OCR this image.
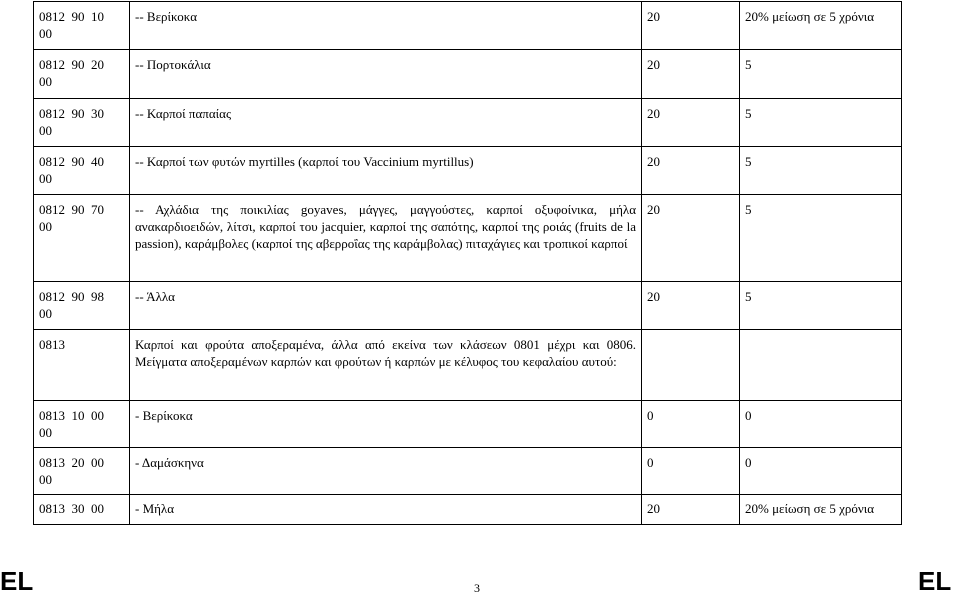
0812  90  10
00	-- Βερίκοκα	20	20% μείωση σε 5 χρόνια
0812  90  20
00	-- Πορτοκάλια	20	5
0812  90  30
00	-- Καρποί παπαίας	20	5
0812  90  40
00	-- Καρποί των φυτών myrtilles (καρποί του Vaccinium myrtillus)	20	5
0812  90  70
00	-- Αχλάδια της ποικιλίας goyaves, μάγγες, μαγγούστες, καρποί οξυφοίνικα, μήλα ανακαρδιοειδών, λίτσι, καρποί του jacquier, καρποί της σαπότης, καρποί της ροιάς (fruits de la passion), καράμβολες (καρποί της αβερροΐας της καράμβολας) πιταχάγιες και τροπικοί καρποί	20	5
0812  90  98
00	-- Άλλα	20	5
0813	Καρποί και φρούτα αποξεραμένα, άλλα από εκείνα των κλάσεων 0801 μέχρι και 0806. Μείγματα αποξεραμένων καρπών και φρούτων ή καρπών με κέλυφος του κεφαλαίου αυτού:		
0813  10  00
00	- Βερίκοκα	0	0
0813  20  00
00	- Δαμάσκηνα	0	0
0813  30  00	- Μήλα	20	20% μείωση σε 5 χρόνια
EL	3	EL
